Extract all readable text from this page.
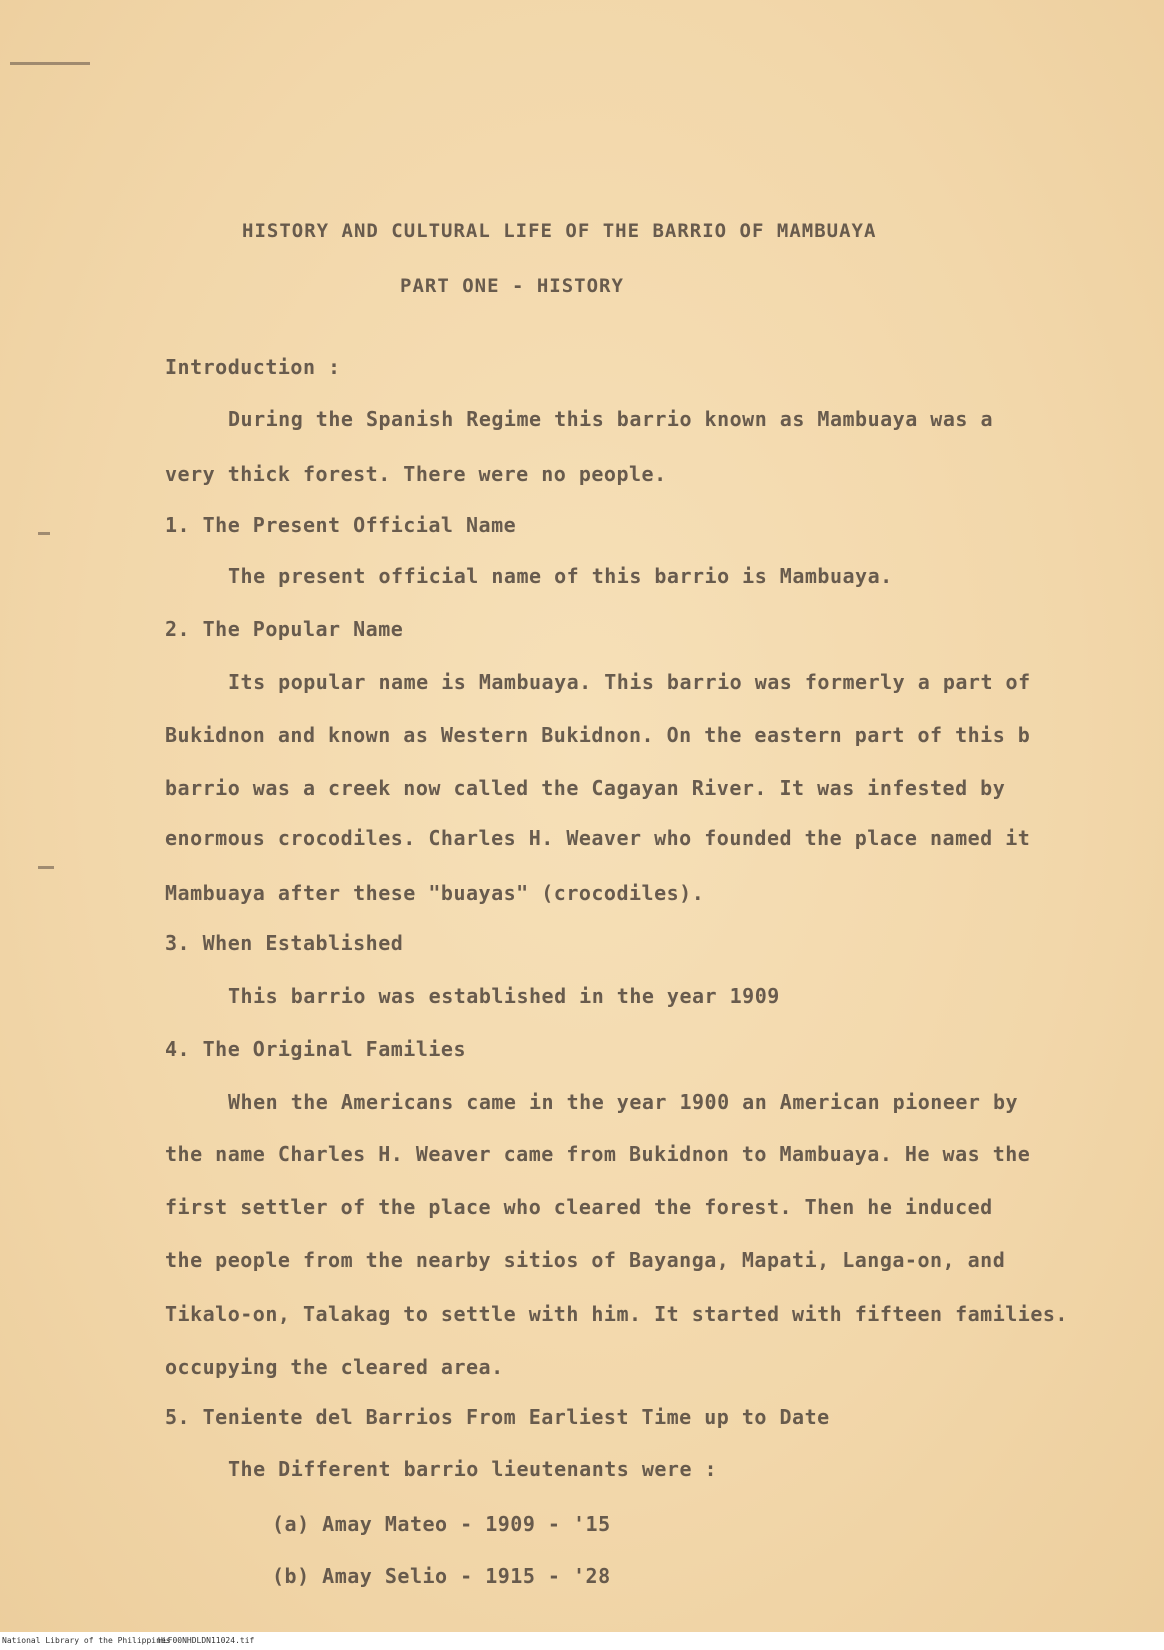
HISTORY AND CULTURAL LIFE OF THE BARRIO OF MAMBUAYA
PART ONE - HISTORY
Introduction :
During the Spanish Regime this barrio known as Mambuaya was a
very thick forest. There were no people.
1. The Present Official Name
The present official name of this barrio is Mambuaya.
2. The Popular Name
Its popular name is Mambuaya. This barrio was formerly a part of
Bukidnon and known as Western Bukidnon. On the eastern part of this b
barrio was a creek now called the Cagayan River. It was infested by
enormous crocodiles. Charles H. Weaver who founded the place named it
Mambuaya after these "buayas" (crocodiles).
3. When Established
This barrio was established in the year 1909
4. The Original Families
When the Americans came in the year 1900 an American pioneer by
the name Charles H. Weaver came from Bukidnon to Mambuaya. He was the
first settler of the place who cleared the forest. Then he induced
the people from the nearby sitios of Bayanga, Mapati, Langa-on, and
Tikalo-on, Talakag to settle with him. It started with fifteen families.
occupying the cleared area.
5. Teniente del Barrios From Earliest Time up to Date
The Different barrio lieutenants were :
(a) Amay Mateo - 1909 - '15
(b) Amay Selio - 1915 - '28
National Library of the Philippines
HLF00NHDLDN11024.tif
